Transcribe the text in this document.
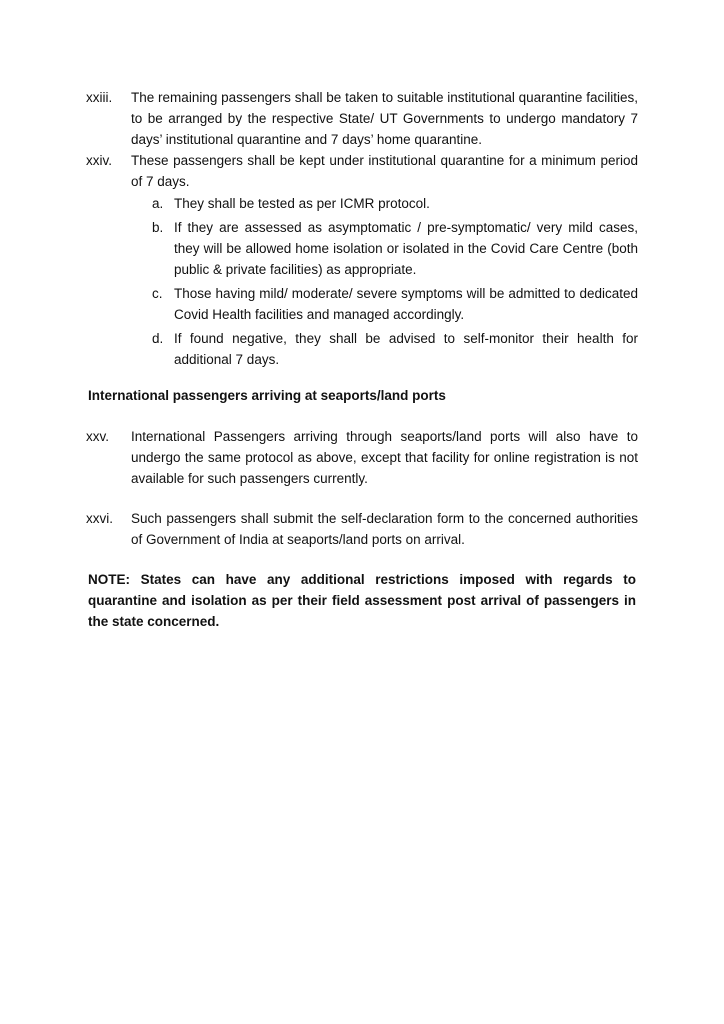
xxiii.	The remaining passengers shall be taken to suitable institutional quarantine facilities, to be arranged by the respective State/ UT Governments to undergo mandatory 7 days’ institutional quarantine and 7 days’ home quarantine.
xxiv.	These passengers shall be kept under institutional quarantine for a minimum period of 7 days.
a. They shall be tested as per ICMR protocol.
b. If they are assessed as asymptomatic / pre-symptomatic/ very mild cases, they will be allowed home isolation or isolated in the Covid Care Centre (both public & private facilities) as appropriate.
c. Those having mild/ moderate/ severe symptoms will be admitted to dedicated Covid Health facilities and managed accordingly.
d. If found negative, they shall be advised to self-monitor their health for additional 7 days.
International passengers arriving at seaports/land ports
xxv.	International Passengers arriving through seaports/land ports will also have to undergo the same protocol as above, except that facility for online registration is not available for such passengers currently.
xxvi.	Such passengers shall submit the self-declaration form to the concerned authorities of Government of India at seaports/land ports on arrival.
NOTE: States can have any additional restrictions imposed with regards to quarantine and isolation as per their field assessment post arrival of passengers in the state concerned.
